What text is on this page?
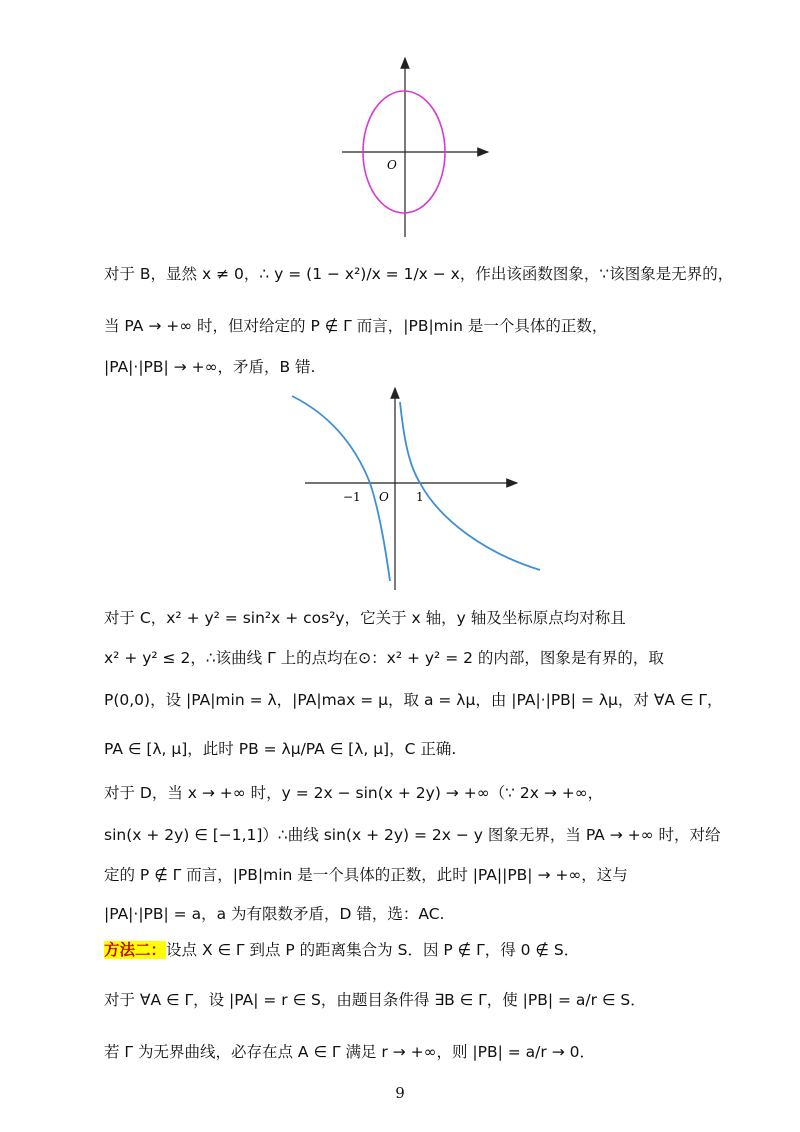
O
−1 O 1
对于 B，显然 x ≠ 0，∴ y = (1 − x²)/x = 1/x − x，作出该函数图象，∵该图象是无界的，
当 PA → +∞ 时，但对给定的 P ∉ Γ 而言，|PB|min 是一个具体的正数，
|PA|·|PB| → +∞，矛盾，B 错.
对于 C，x² + y² = sin²x + cos²y，它关于 x 轴，y 轴及坐标原点均对称且
x² + y² ≤ 2，∴该曲线 Γ 上的点均在⊙：x² + y² = 2 的内部，图象是有界的，取
P(0,0)，设 |PA|min = λ，|PA|max = μ，取 a = λμ，由 |PA|·|PB| = λμ，对 ∀A ∈ Γ，
PA ∈ [λ, μ]，此时 PB = λμ/PA ∈ [λ, μ]，C 正确.
对于 D，当 x → +∞ 时，y = 2x − sin(x + 2y) → +∞（∵ 2x → +∞，
sin(x + 2y) ∈ [−1,1]）∴曲线 sin(x + 2y) = 2x − y 图象无界，当 PA → +∞ 时，对给
定的 P ∉ Γ 而言，|PB|min 是一个具体的正数，此时 |PA||PB| → +∞，这与
|PA|·|PB| = a，a 为有限数矛盾，D 错，选：AC.
方法二：设点 X ∈ Γ 到点 P 的距离集合为 S．因 P ∉ Γ，得 0 ∉ S．
对于 ∀A ∈ Γ，设 |PA| = r ∈ S，由题目条件得 ∃B ∈ Γ，使 |PB| = a/r ∈ S．
若 Γ 为无界曲线，必存在点 A ∈ Γ 满足 r → +∞，则 |PB| = a/r → 0．
9
